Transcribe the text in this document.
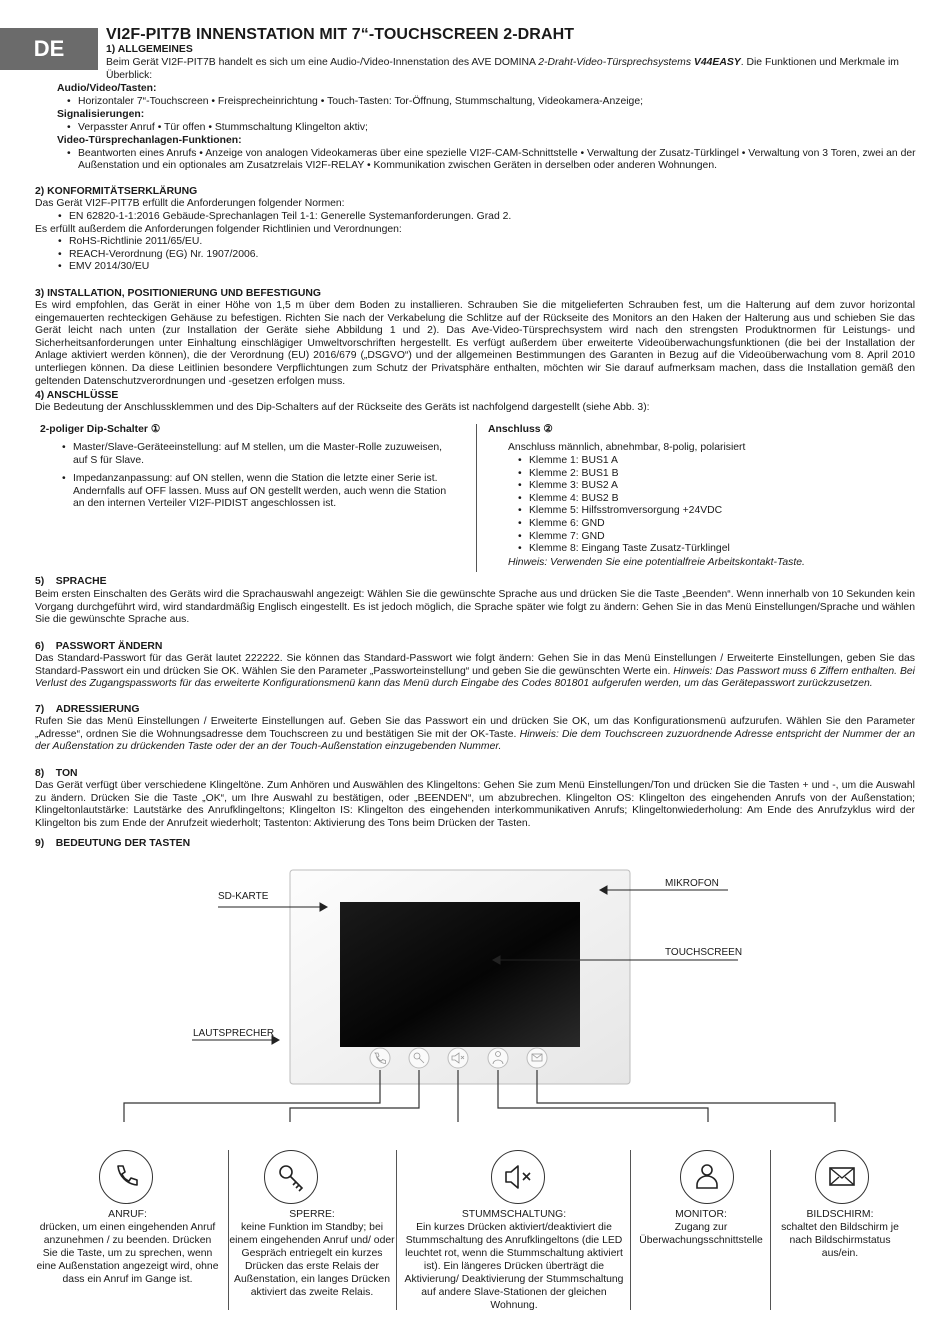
DE
VI2F-PIT7B INNENSTATION MIT 7“-TOUCHSCREEN 2-DRAHT
1) ALLGEMEINES
Beim Gerät VI2F-PIT7B handelt es sich um eine Audio-/Video-Innenstation des AVE DOMINA 2-Draht-Video-Türsprechsystems V44EASY. Die Funktionen und Merkmale im Überblick:
Audio/Video/Tasten:
• Horizontaler 7“-Touchscreen • Freisprecheinrichtung • Touch-Tasten: Tor-Öffnung, Stummschaltung, Videokamera-Anzeige;
Signalisierungen:
• Verpasster Anruf • Tür offen • Stummschaltung Klingelton aktiv;
Video-Türsprechanlagen-Funktionen:
• Beantworten eines Anrufs • Anzeige von analogen Videokameras über eine spezielle VI2F-CAM-Schnittstelle • Verwaltung der Zusatz-Türklingel • Verwaltung von 3 Toren, zwei an der
Außenstation und ein optionales am Zusatzrelais VI2F-RELAY • Kommunikation zwischen Geräten in derselben oder anderen Wohnungen.
2) KONFORMITÄTSERKLÄRUNG
Das Gerät VI2F-PIT7B erfüllt die Anforderungen folgender Normen:
• EN 62820-1-1:2016 Gebäude-Sprechanlagen Teil 1-1: Generelle Systemanforderungen. Grad 2.
Es erfüllt außerdem die Anforderungen folgender Richtlinien und Verordnungen:
• RoHS-Richtlinie 2011/65/EU.
• REACH-Verordnung (EG) Nr. 1907/2006.
• EMV 2014/30/EU
3) INSTALLATION, POSITIONIERUNG UND BEFESTIGUNG
Es wird empfohlen, das Gerät in einer Höhe von 1,5 m über dem Boden zu installieren. Schrauben Sie die mitgelieferten Schrauben fest, um die Halterung auf dem zuvor horizontal eingemauerten rechteckigen Gehäuse zu befestigen. Richten Sie nach der Verkabelung die Schlitze auf der Rückseite des Monitors an den Haken der Halterung aus und schieben Sie das Gerät leicht nach unten (zur Installation der Geräte siehe Abbildung 1 und 2). Das Ave-Video-Türsprechsystem wird nach den strengsten Produktnormen für Leistungs- und Sicherheitsanforderungen unter Einhaltung einschlägiger Umweltvorschriften hergestellt. Es verfügt außerdem über erweiterte Videoüberwachungsfunktionen (die bei der Installation der Anlage aktiviert werden können), die der Verordnung (EU) 2016/679 („DSGVO“) und der allgemeinen Bestimmungen des Garanten in Bezug auf die Videoüberwachung vom 8. April 2010 unterliegen können. Da diese Leitlinien besondere Verpflichtungen zum Schutz der Privatsphäre enthalten, möchten wir Sie darauf aufmerksam machen, dass die Installation gemäß den geltenden Datenschutzverordnungen und -gesetzen erfolgen muss.
4) ANSCHLÜSSE
Die Bedeutung der Anschlussklemmen und des Dip-Schalters auf der Rückseite des Geräts ist nachfolgend dargestellt (siehe Abb. 3):
2-poliger Dip-Schalter ①
• Master/Slave-Geräteeinstellung: auf M stellen, um die Master-Rolle zuzuweisen, auf S für Slave.
• Impedanzanpassung: auf ON stellen, wenn die Station die letzte einer Serie ist. Andernfalls auf OFF lassen. Muss auf ON gestellt werden, auch wenn die Station an den internen Verteiler VI2F-PIDIST angeschlossen ist.
Anschluss ②
Anschluss männlich, abnehmbar, 8-polig, polarisiert
• Klemme 1: BUS1 A
• Klemme 2: BUS1 B
• Klemme 3: BUS2 A
• Klemme 4: BUS2 B
• Klemme 5: Hilfsstromversorgung +24VDC
• Klemme 6: GND
• Klemme 7: GND
• Klemme 8: Eingang Taste Zusatz-Türklingel
Hinweis: Verwenden Sie eine potentialfreie Arbeitskontakt-Taste.
5)    SPRACHE
Beim ersten Einschalten des Geräts wird die Sprachauswahl angezeigt: Wählen Sie die gewünschte Sprache aus und drücken Sie die Taste „Beenden“. Wenn innerhalb von 10 Sekunden kein Vorgang durchgeführt wird, wird standardmäßig Englisch eingestellt. Es ist jedoch möglich, die Sprache später wie folgt zu ändern: Gehen Sie in das Menü Einstellungen/Sprache und wählen Sie die gewünschte Sprache aus.
6)    PASSWORT ÄNDERN
Das Standard-Passwort für das Gerät lautet 222222. Sie können das Standard-Passwort wie folgt ändern: Gehen Sie in das Menü Einstellungen / Erweiterte Einstellungen, geben Sie das Standard-Passwort ein und drücken Sie OK. Wählen Sie den Parameter „Passworteinstellung“ und geben Sie die gewünschten Werte ein. Hinweis: Das Passwort muss 6 Ziffern enthalten. Bei Verlust des Zugangspassworts für das erweiterte Konfigurationsmenü kann das Menü durch Eingabe des Codes 801801 aufgerufen werden, um das Gerätepasswort zurückzusetzen.
7)    ADRESSIERUNG
Rufen Sie das Menü Einstellungen / Erweiterte Einstellungen auf. Geben Sie das Passwort ein und drücken Sie OK, um das Konfigurationsmenü aufzurufen. Wählen Sie den Parameter „Adresse“, ordnen Sie die Wohnungsadresse dem Touchscreen zu und bestätigen Sie mit der OK-Taste. Hinweis: Die dem Touchscreen zuzuordnende Adresse entspricht der Nummer der an der Außenstation zu drückenden Taste oder der an der Touch-Außenstation einzugebenden Nummer.
8)    TON
Das Gerät verfügt über verschiedene Klingeltöne. Zum Anhören und Auswählen des Klingeltons: Gehen Sie zum Menü Einstellungen/Ton und drücken Sie die Tasten + und -, um die Auswahl zu ändern. Drücken Sie die Taste „OK“, um Ihre Auswahl zu bestätigen, oder „BEENDEN“, um abzubrechen. Klingelton OS: Klingelton des eingehenden Anrufs von der Außenstation; Klingeltonlautstärke: Lautstärke des Anrufklingeltons; Klingelton IS: Klingelton des eingehenden interkommunikativen Anrufs; Klingeltonwiederholung: Am Ende des Anrufzyklus wird der Klingelton bis zum Ende der Anrufzeit wiederholt; Tastenton: Aktivierung des Tons beim Drücken der Tasten.
9)    BEDEUTUNG DER TASTEN
SD-KARTE
MIKROFON
TOUCHSCREEN
LAUTSPRECHER
ANRUF:
drücken, um einen eingehenden Anruf anzunehmen / zu beenden. Drücken Sie die Taste, um zu sprechen, wenn eine Außenstation angezeigt wird, ohne dass ein Anruf im Gange ist.
SPERRE:
keine Funktion im Standby; bei einem eingehenden Anruf und/ oder Gespräch entriegelt ein kurzes Drücken das erste Relais der Außenstation, ein langes Drücken aktiviert das zweite Relais.
STUMMSCHALTUNG:
Ein kurzes Drücken aktiviert/deaktiviert die Stummschaltung des Anrufklingeltons (die LED leuchtet rot, wenn die Stummschaltung aktiviert ist). Ein längeres Drücken überträgt die Aktivierung/ Deaktivierung der Stummschaltung auf andere Slave-Stationen der gleichen Wohnung.
MONITOR:
Zugang zur Überwachungsschnittstelle
BILDSCHIRM:
schaltet den Bildschirm je nach Bildschirmstatus aus/ein.
